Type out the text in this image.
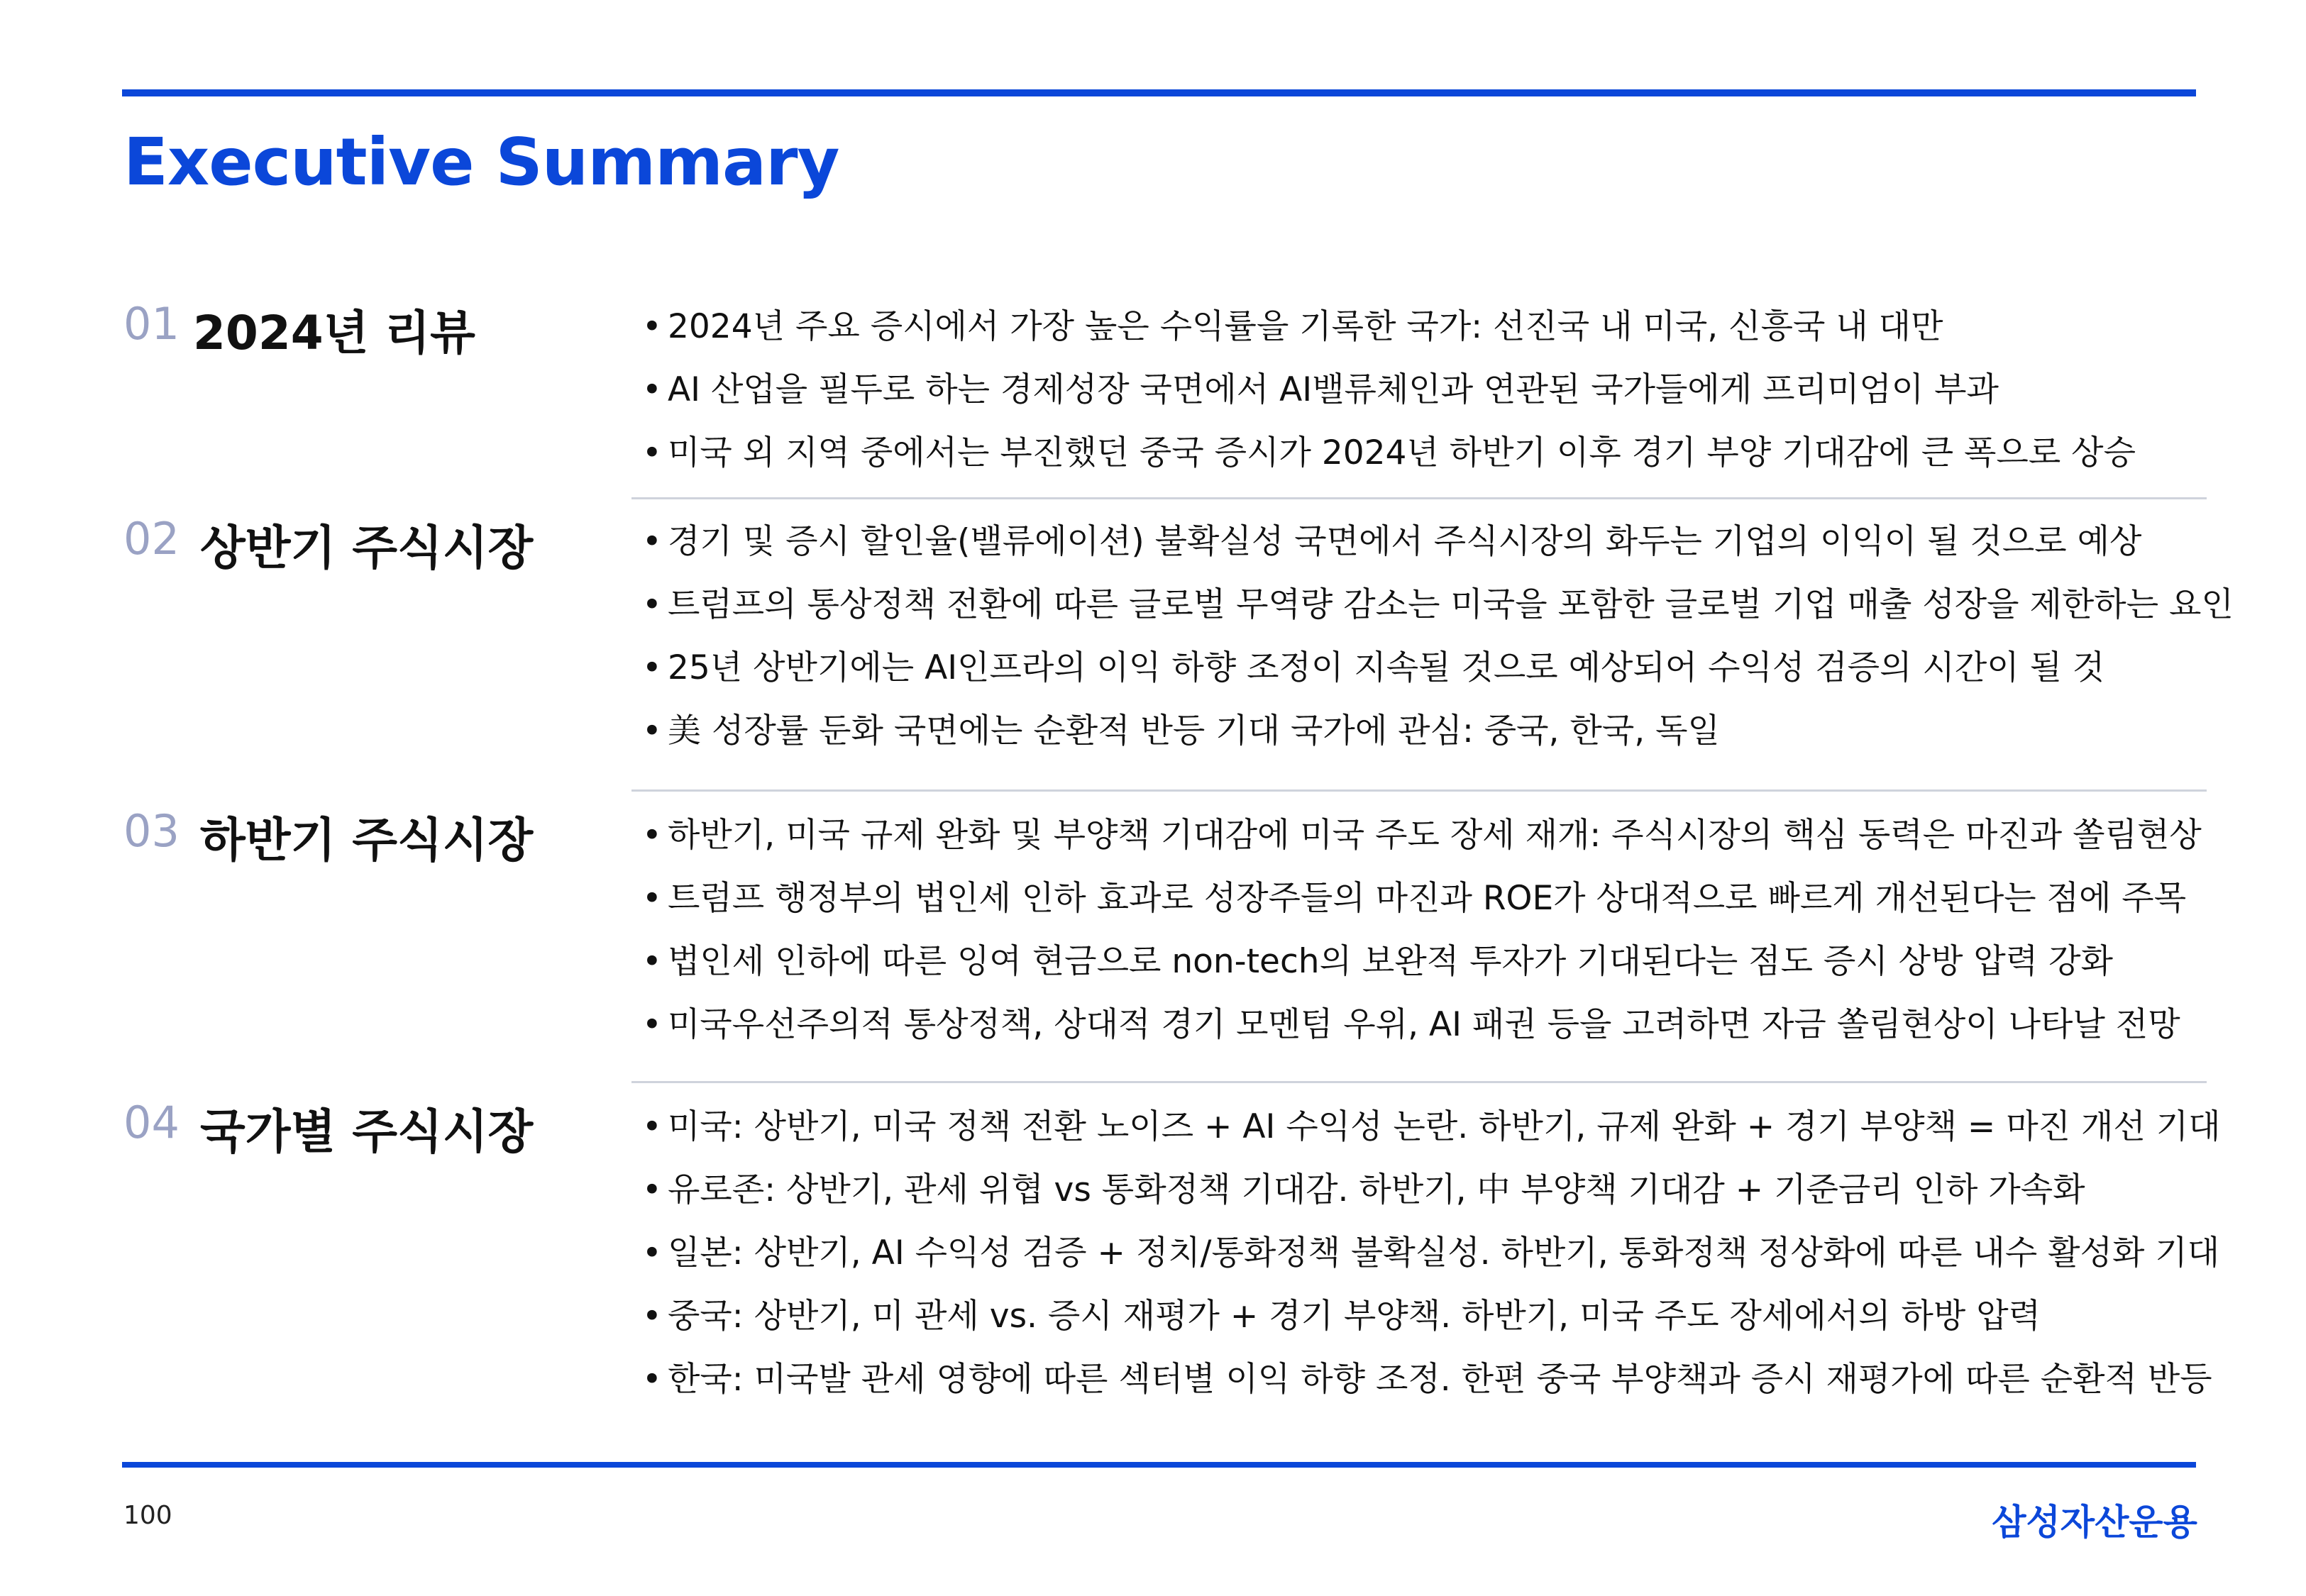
Executive Summary
01 2024년 리뷰	• 2024년 주요 증시에서 가장 높은 수익률을 기록한 국가: 선진국 내 미국, 신흥국 내 대만
• AI 산업을 필두로 하는 경제성장 국면에서 AI밸류체인과 연관된 국가들에게 프리미엄이 부과
• 미국 외 지역 중에서는 부진했던 중국 증시가 2024년 하반기 이후 경기 부양 기대감에 큰 폭으로 상승
02 상반기 주식시장	• 경기 및 증시 할인율(밸류에이션) 불확실성 국면에서 주식시장의 화두는 기업의 이익이 될 것으로 예상
• 트럼프의 통상정책 전환에 따른 글로벌 무역량 감소는 미국을 포함한 글로벌 기업 매출 성장을 제한하는 요인
• 25년 상반기에는 AI인프라의 이익 하향 조정이 지속될 것으로 예상되어 수익성 검증의 시간이 될 것
• 美 성장률 둔화 국면에는 순환적 반등 기대 국가에 관심: 중국, 한국, 독일
03 하반기 주식시장	• 하반기, 미국 규제 완화 및 부양책 기대감에 미국 주도 장세 재개: 주식시장의 핵심 동력은 마진과 쏠림현상
• 트럼프 행정부의 법인세 인하 효과로 성장주들의 마진과 ROE가 상대적으로 빠르게 개선된다는 점에 주목
• 법인세 인하에 따른 잉여 현금으로 non-tech의 보완적 투자가 기대된다는 점도 증시 상방 압력 강화
• 미국우선주의적 통상정책, 상대적 경기 모멘텀 우위, AI 패권 등을 고려하면 자금 쏠림현상이 나타날 전망
04 국가별 주식시장	• 미국: 상반기, 미국 정책 전환 노이즈 + AI 수익성 논란. 하반기, 규제 완화 + 경기 부양책 = 마진 개선 기대
• 유로존: 상반기, 관세 위협 vs 통화정책 기대감. 하반기, 中 부양책 기대감 + 기준금리 인하 가속화
• 일본: 상반기, AI 수익성 검증 + 정치/통화정책 불확실성. 하반기, 통화정책 정상화에 따른 내수 활성화 기대
• 중국: 상반기, 미 관세 vs. 증시 재평가 + 경기 부양책. 하반기, 미국 주도 장세에서의 하방 압력
• 한국: 미국발 관세 영향에 따른 섹터별 이익 하향 조정. 한편 중국 부양책과 증시 재평가에 따른 순환적 반등
100	삼성자산운용
